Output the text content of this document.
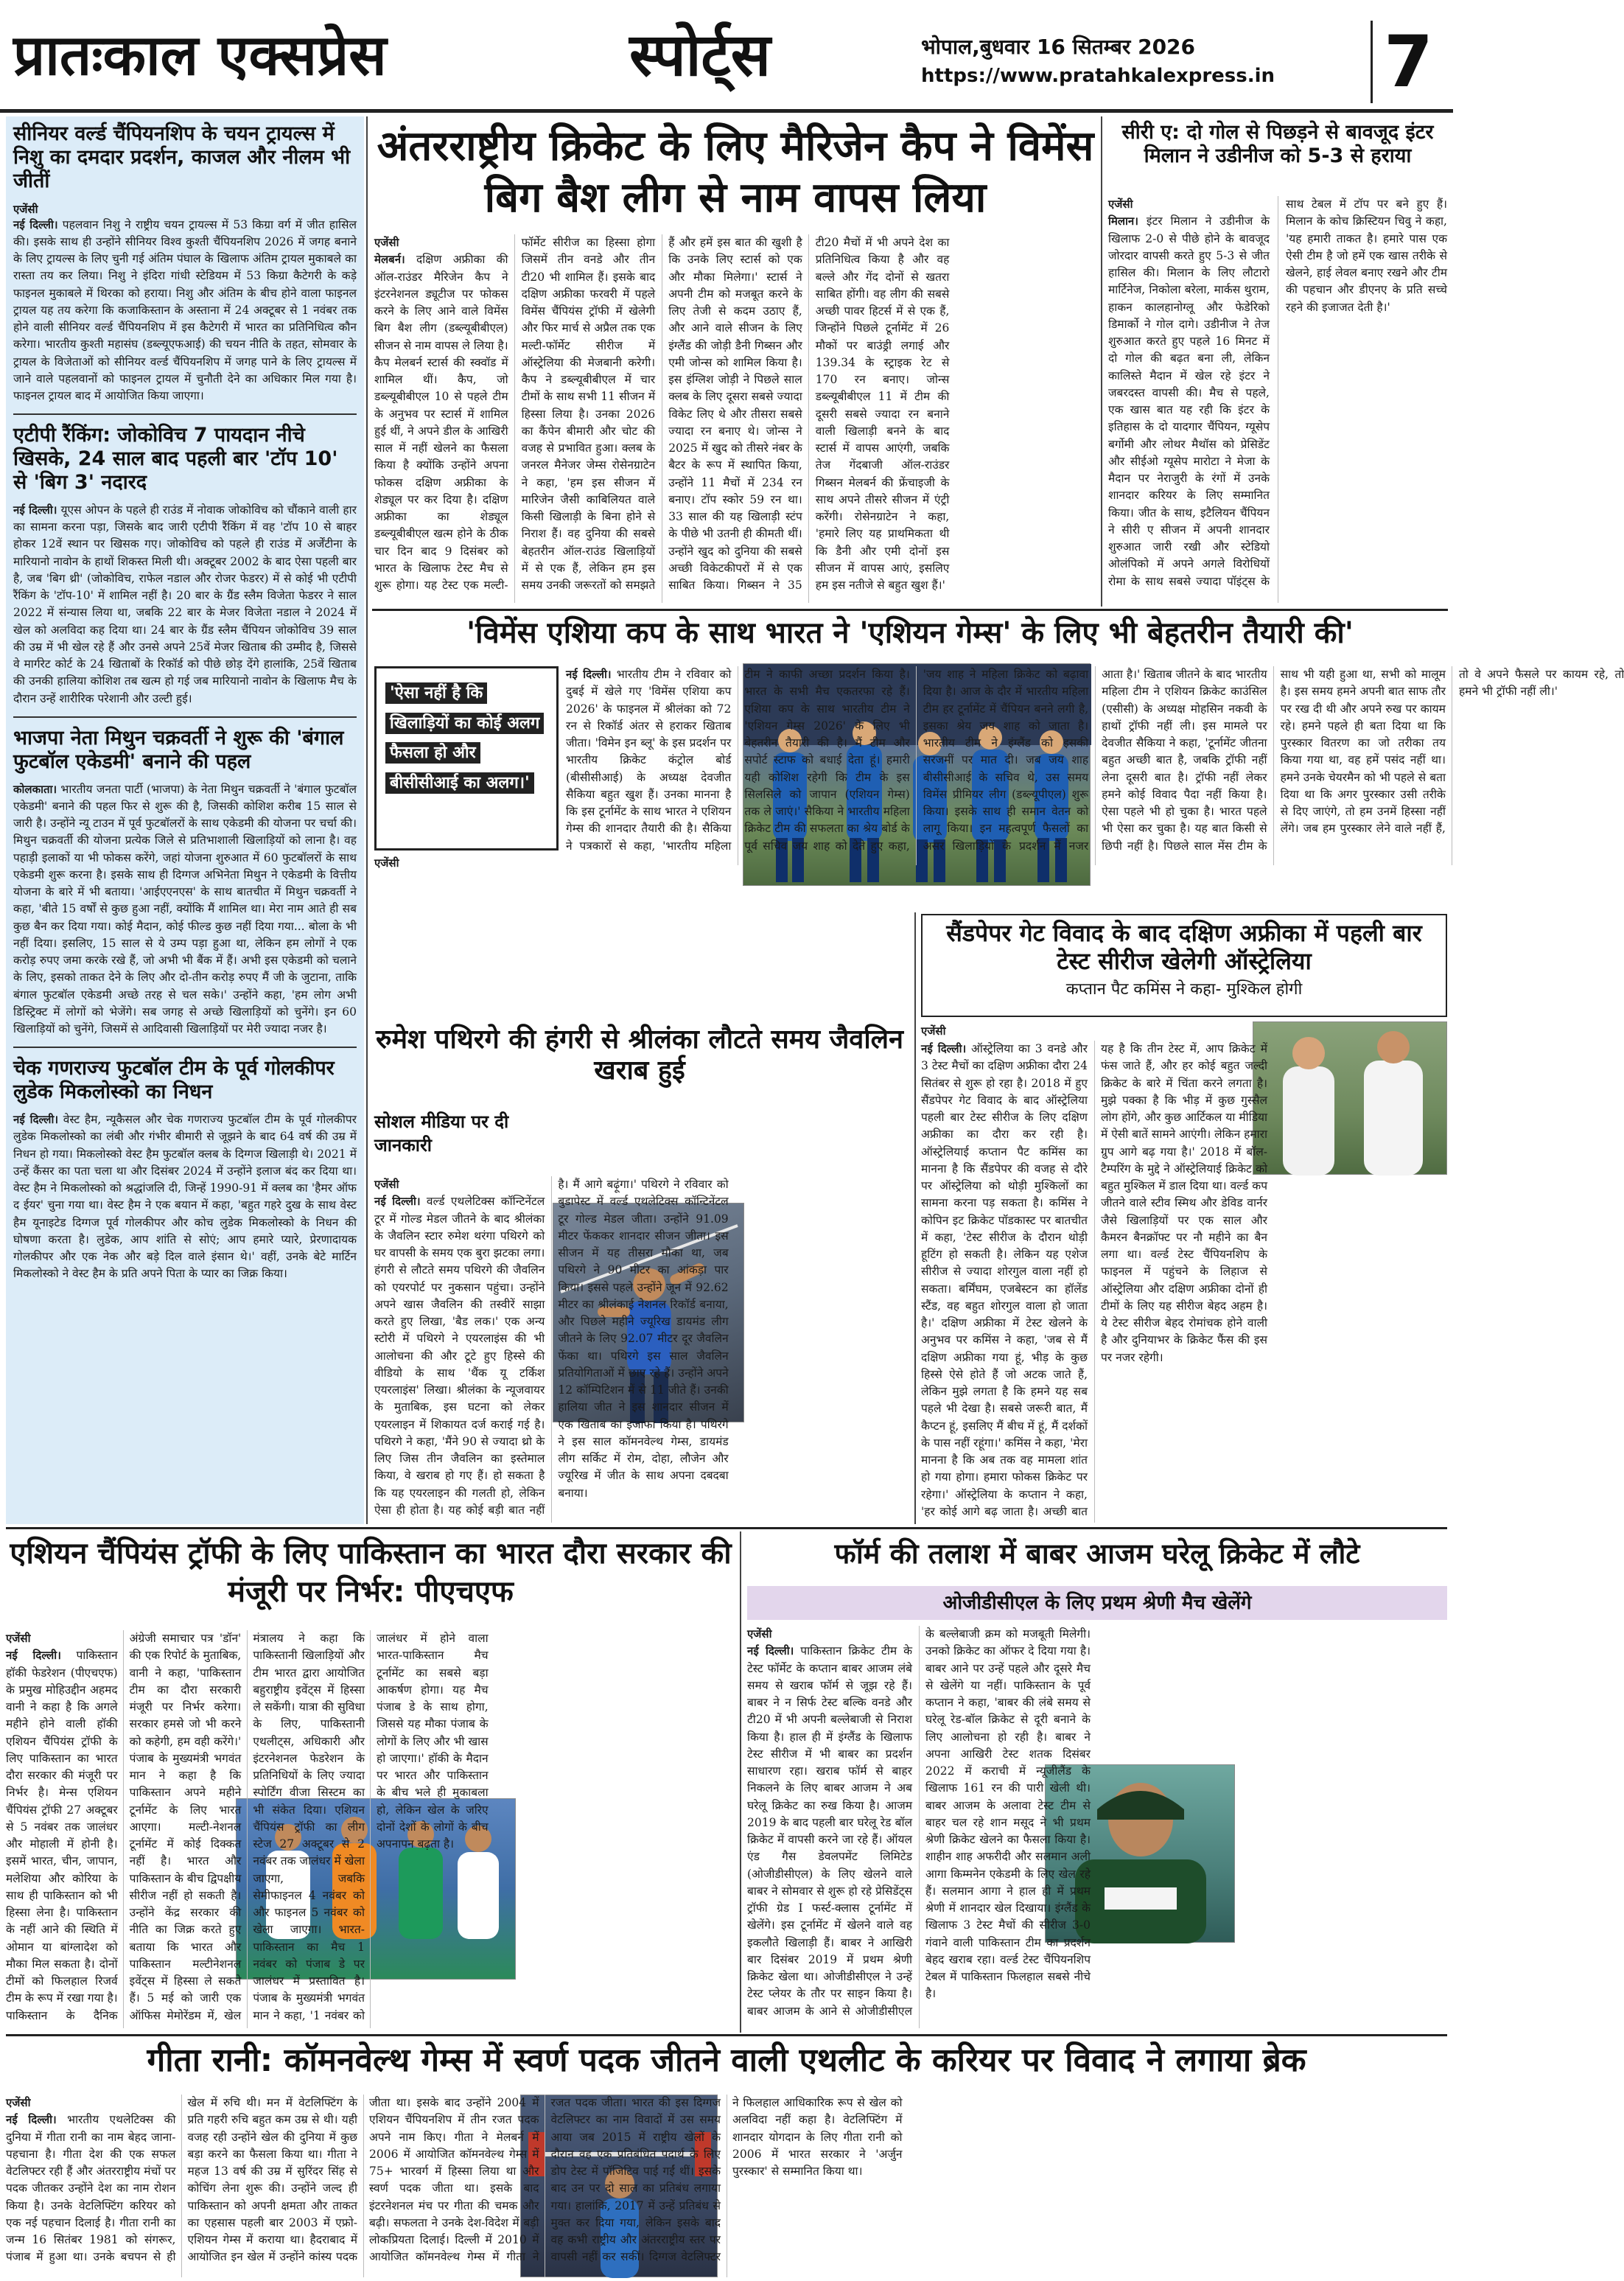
प्रातःकाल एक्सप्रेस	स्पोर्ट्स	भोपाल,बुधवार 16 सितम्बर 2026
https://www.pratahkalexpress.in	7
सीनियर वर्ल्ड चैंपियनशिप के चयन ट्रायल्स में निशु का दमदार प्रदर्शन, काजल और नीलम भी जीतीं
एजेंसी
नई दिल्ली। पहलवान निशु ने राष्ट्रीय चयन ट्रायल्स में 53 किग्रा वर्ग में जीत हासिल की। इसके साथ ही उन्होंने सीनियर विश्व कुश्ती चैंपियनशिप 2026 में जगह बनाने के लिए ट्रायल्स के लिए चुनी गई अंतिम पंघाल के खिलाफ अंतिम ट्रायल मुकाबले का रास्ता तय कर लिया। निशु ने इंदिरा गांधी स्टेडियम में 53 किग्रा कैटेगरी के कड़े फाइनल मुकाबले में थिरका को हराया। निशु और अंतिम के बीच होने वाला फाइनल ट्रायल यह तय करेगा कि कजाकिस्तान के अस्ताना में 24 अक्टूबर से 1 नवंबर तक होने वाली सीनियर वर्ल्ड चैंपियनशिप में इस कैटेगरी में भारत का प्रतिनिधित्व कौन करेगा। भारतीय कुश्ती महासंघ (डब्ल्यूएफआई) की चयन नीति के तहत, सोमवार के ट्रायल के विजेताओं को सीनियर वर्ल्ड चैंपियनशिप में जगह पाने के लिए ट्रायल्स में जाने वाले पहलवानों को फाइनल ट्रायल में चुनौती देने का अधिकार मिल गया है। फाइनल ट्रायल बाद में आयोजित किया जाएगा।
एटीपी रैंकिंग: जोकोविच 7 पायदान नीचे खिसके, 24 साल बाद पहली बार 'टॉप 10' से 'बिग 3' नदारद
नई दिल्ली। यूएस ओपन के पहले ही राउंड में नोवाक जोकोविच को चौंकाने वाली हार का सामना करना पड़ा, जिसके बाद जारी एटीपी रैंकिंग में वह 'टॉप 10 से बाहर होकर 12वें स्थान पर खिसक गए। जोकोविच को पहले ही राउंड में अर्जेंटीना के मारियानो नावोन के हाथों शिकस्त मिली थी। अक्टूबर 2002 के बाद ऐसा पहली बार है, जब 'बिग थ्री' (जोकोविच, राफेल नडाल और रोजर फेडरर) में से कोई भी एटीपी रैंकिंग के 'टॉप-10' में शामिल नहीं है। 20 बार के ग्रैंड स्लैम विजेता फेडरर ने साल 2022 में संन्यास लिया था, जबकि 22 बार के मेजर विजेता नडाल ने 2024 में खेल को अलविदा कह दिया था। 24 बार के ग्रैंड स्लैम चैंपियन जोकोविच 39 साल की उम्र में भी खेल रहे हैं और उनसे अपने 25वें मेजर खिताब की उम्मीद है, जिससे वे मार्गरेट कोर्ट के 24 खिताबों के रिकॉर्ड को पीछे छोड़ देंगे हालांकि, 25वें खिताब की उनकी हालिया कोशिश तब खत्म हो गई जब मारियानो नावोन के खिलाफ मैच के दौरान उन्हें शारीरिक परेशानी और उल्टी हुई।
भाजपा नेता मिथुन चक्रवर्ती ने शुरू की 'बंगाल फुटबॉल एकेडमी' बनाने की पहल
कोलकाता। भारतीय जनता पार्टी (भाजपा) के नेता मिथुन चक्रवर्ती ने 'बंगाल फुटबॉल एकेडमी' बनाने की पहल फिर से शुरू की है, जिसकी कोशिश करीब 15 साल से जारी है। उन्होंने न्यू टाउन में पूर्व फुटबॉलरों के साथ एकेडमी की योजना पर चर्चा की। मिथुन चक्रवर्ती की योजना प्रत्येक जिले से प्रतिभाशाली खिलाड़ियों को लाना है। वह पहाड़ी इलाकों या भी फोकस करेंगे, जहां योजना शुरुआत में 60 फुटबॉलरों के साथ एकेडमी शुरू करना है। इसके साथ ही दिग्गज अभिनेता मिथुन ने एकेडमी के वित्तीय योजना के बारे में भी बताया। 'आईएएनएस' के साथ बातचीत में मिथुन चक्रवर्ती ने कहा, 'बीते 15 वर्षों से कुछ हुआ नहीं, क्योंकि मैं शामिल था। मेरा नाम आते ही सब कुछ बैन कर दिया गया। कोई मैदान, कोई फील्ड कुछ नहीं दिया गया... बोला के भी नहीं दिया। इसलिए, 15 साल से ये उम्प पड़ा हुआ था, लेकिन हम लोगों ने एक करोड़ रुपए जमा करके रखे हैं, जो अभी भी बैंक में हैं। अभी इस एकेडमी को चलाने के लिए, इसको ताकत देने के लिए और दो-तीन करोड़ रुपए मैं जी के जुटाना, ताकि बंगाल फुटबॉल एकेडमी अच्छे तरह से चल सके।' उन्होंने कहा, 'हम लोग अभी डिस्ट्रिक्ट में लोगों को भेजेंगे। सब जगह से अच्छे खिलाड़ियों को चुनेंगे। इन 60 खिलाड़ियों को चुनेंगे, जिसमें से आदिवासी खिलाड़ियों पर मेरी ज्यादा नजर है।
चेक गणराज्य फुटबॉल टीम के पूर्व गोलकीपर लुडेक मिकलोस्को का निधन
नई दिल्ली। वेस्ट हैम, न्यूकैसल और चेक गणराज्य फुटबॉल टीम के पूर्व गोलकीपर लुडेक मिकलोस्को का लंबी और गंभीर बीमारी से जूझने के बाद 64 वर्ष की उम्र में निधन हो गया। मिकलोस्को वेस्ट हैम फुटबॉल क्लब के दिग्गज खिलाड़ी थे। 2021 में उन्हें कैंसर का पता चला था और दिसंबर 2024 में उन्होंने इलाज बंद कर दिया था। वेस्ट हैम ने मिकलोस्को को श्रद्धांजलि दी, जिन्हें 1990-91 में क्लब का 'हैमर ऑफ द ईयर' चुना गया था। वेस्ट हैम ने एक बयान में कहा, 'बहुत गहरे दुख के साथ वेस्ट हैम यूनाइटेड दिग्गज पूर्व गोलकीपर और कोच लुडेक मिकलोस्को के निधन की घोषणा करता है। लुडेक, आप शांति से सोएं; आप हमारे प्यारे, प्रेरणादायक गोलकीपर और एक नेक और बड़े दिल वाले इंसान थे।' वहीं, उनके बेटे मार्टिन मिकलोस्को ने वेस्ट हैम के प्रति अपने पिता के प्यार का जिक्र किया।
अंतरराष्ट्रीय क्रिकेट के लिए मैरिजेन कैप ने विमेंस बिग बैश लीग से नाम वापस लिया
एजेंसी
मेलबर्न। दक्षिण अफ्रीका की ऑल-राउंडर मैरिजेन कैप ने इंटरनेशनल ड्यूटीज पर फोकस करने के लिए आने वाले विमेंस बिग बैश लीग (डब्ल्यूबीबीएल) सीजन से नाम वापस ले लिया है। कैप मेलबर्न स्टार्स की स्क्वॉड में शामिल थीं। कैप, जो डब्ल्यूबीबीएल 10 से पहले टीम के अनुभव पर स्टार्स में शामिल हुई थीं, ने अपने डील के आखिरी साल में नहीं खेलने का फैसला किया है क्योंकि उन्होंने अपना फोकस दक्षिण अफ्रीका के शेड्यूल पर कर दिया है। दक्षिण अफ्रीका का शेड्यूल डब्ल्यूबीबीएल खत्म होने के ठीक चार दिन बाद 9 दिसंबर को भारत के खिलाफ टेस्ट मैच से शुरू होगा। यह टेस्ट एक मल्टी-फॉर्मेट सीरीज का हिस्सा होगा जिसमें तीन वनडे और तीन टी20 भी शामिल हैं। इसके बाद दक्षिण अफ्रीका फरवरी में पहले विमेंस चैंपियंस ट्रॉफी में खेलेगी और फिर मार्च से अप्रैल तक एक मल्टी-फॉर्मेट सीरीज में ऑस्ट्रेलिया की मेजबानी करेगी। कैप ने डब्ल्यूबीबीएल में चार टीमों के साथ सभी 11 सीजन में हिस्सा लिया है। उनका 2026 का कैंपेन बीमारी और चोट की वजह से प्रभावित हुआ। क्लब के जनरल मैनेजर जेम्स रोसेनग्राटेन ने कहा, 'हम इस सीजन में मारिजेन जैसी काबिलियत वाले किसी खिलाड़ी के बिना होने से निराश हैं। वह दुनिया की सबसे बेहतरीन ऑल-राउंड खिलाड़ियों में से एक हैं, लेकिन हम इस समय उनकी जरूरतों को समझते हैं और हमें इस बात की खुशी है कि उनके लिए स्टार्स को एक और मौका मिलेगा।' स्टार्स ने अपनी टीम को मजबूत करने के लिए तेजी से कदम उठाए हैं, और आने वाले सीजन के लिए इंग्लैंड की जोड़ी डैनी गिब्सन और एमी जोन्स को शामिल किया है। इस इंग्लिश जोड़ी ने पिछले साल क्लब के लिए दूसरा सबसे ज्यादा विकेट लिए थे और तीसरा सबसे ज्यादा रन बनाए थे। जोन्स ने 2025 में खुद को तीसरे नंबर के बैटर के रूप में स्थापित किया, उन्होंने 11 मैचों में 234 रन बनाए। टॉप स्कोर 59 रन था। 33 साल की यह खिलाड़ी स्टंप के पीछे भी उतनी ही कीमती थीं। उन्होंने खुद को दुनिया की सबसे अच्छी विकेटकीपरों में से एक साबित किया। गिब्सन ने 35 टी20 मैचों में भी अपने देश का प्रतिनिधित्व किया है और वह बल्ले और गेंद दोनों से खतरा साबित होंगी। वह लीग की सबसे अच्छी पावर हिटर्स में से एक हैं, जिन्होंने पिछले टूर्नामेंट में 26 मौकों पर बाउंड्री लगाई और 139.34 के स्ट्राइक रेट से 170 रन बनाए। जोन्स डब्ल्यूबीबीएल 11 में टीम की दूसरी सबसे ज्यादा रन बनाने वाली खिलाड़ी बनने के बाद स्टार्स में वापस आएंगी, जबकि तेज गेंदबाजी ऑल-राउंडर गिब्सन मेलबर्न की फ्रेंचाइजी के साथ अपने तीसरे सीजन में एंट्री करेंगी। रोसेनग्राटेन ने कहा, 'हमारे लिए यह प्राथमिकता थी कि डैनी और एमी दोनों इस सीजन में वापस आएं, इसलिए हम इस नतीजे से बहुत खुश हैं।'
सीरी ए: दो गोल से पिछड़ने से बावजूद इंटर मिलान ने उडीनीज को 5-3 से हराया
एजेंसी
मिलान। इंटर मिलान ने उडीनीज के खिलाफ 2-0 से पीछे होने के बावजूद जोरदार वापसी करते हुए 5-3 से जीत हासिल की। मिलान के लिए लौटारो मार्टिनेज, निकोला बरेला, मार्कस थुराम, हाकन कालहानोग्लू और फेडेरिको डिमार्को ने गोल दागे। उडीनीज ने तेज शुरुआत करते हुए पहले 16 मिनट में दो गोल की बढ़त बना ली, लेकिन कालिस्ते मैदान में खेल रहे इंटर ने जबरदस्त वापसी की। मैच से पहले, एक खास बात यह रही कि इंटर के इतिहास के दो यादगार चैंपियन, ग्यूसेप बर्गोमी और लोथर मैथॉस को प्रेसिडेंट और सीईओ ग्यूसेप मारोटा ने मेजा के मैदान पर नेराजुरी के रंगों में उनके शानदार करियर के लिए सम्मानित किया। जीत के साथ, इटैलियन चैंपियन ने सीरी ए सीजन में अपनी शानदार शुरुआत जारी रखी और स्टेडियो ओलंपिको में अपने अगले विरोधियों रोमा के साथ सबसे ज्यादा पॉइंट्स के साथ टेबल में टॉप पर बने हुए हैं। मिलान के कोच क्रिस्टियन चिवु ने कहा, 'यह हमारी ताकत है। हमारे पास एक ऐसी टीम है जो हमें एक खास तरीके से खेलने, हाई लेवल बनाए रखने और टीम की पहचान और डीएनए के प्रति सच्चे रहने की इजाजत देती है।'
'विमेंस एशिया कप के साथ भारत ने 'एशियन गेम्स' के लिए भी बेहतरीन तैयारी की'
'ऐसा नहीं है कि खिलाड़ियों का कोई अलग फैसला हो और बीसीसीआई का अलग।'
एजेंसी
नई दिल्ली। भारतीय टीम ने रविवार को दुबई में खेले गए 'विमेंस एशिया कप 2026' के फाइनल में श्रीलंका को 72 रन से रिकॉर्ड अंतर से हराकर खिताब जीता। 'विमेन इन ब्लू' के इस प्रदर्शन पर भारतीय क्रिकेट कंट्रोल बोर्ड (बीसीसीआई) के अध्यक्ष देवजीत सैकिया बहुत खुश हैं। उनका मानना है कि इस टूर्नामेंट के साथ भारत ने एशियन गेम्स की शानदार तैयारी की है। सैकिया ने पत्रकारों से कहा, 'भारतीय महिला टीम ने काफी अच्छा प्रदर्शन किया है। भारत के सभी मैच एकतरफा रहे हैं। एशिया कप के साथ भारतीय टीम ने 'एशियन गेम्स 2026' के लिए भी बेहतरीन तैयारी की है। मैं टीम और सपोर्ट स्टाफ को बधाई देता हूं। हमारी यही कोशिश रहेगी कि टीम के इस सिलसिले को जापान (एशियन गेम्स) तक ले जाएं।' सैकिया ने भारतीय महिला क्रिकेट टीम की सफलता का श्रेय बोर्ड के पूर्व सचिव जय शाह को देते हुए कहा, 'जय शाह ने महिला क्रिकेट को बढ़ावा दिया है। आज के दौर में भारतीय महिला टीम हर टूर्नामेंट में चैंपियन बनने लगी है, इसका श्रेय जय शाह को जाता है। भारतीय टीम ने इंग्लैंड को इसकी सरजमीं पर मात दी। जब जय शाह बीसीसीआई के सचिव थे, उस समय विमेंस प्रीमियर लीग (डब्ल्यूपीएल) शुरू किया। इसके साथ ही समान वेतन को लागू किया। इन महत्वपूर्ण फैसलों का असर खिलाड़ियों के प्रदर्शन में नजर आता है।' खिताब जीतने के बाद भारतीय महिला टीम ने एशियन क्रिकेट काउंसिल (एसीसी) के अध्यक्ष मोहसिन नकवी के हाथों ट्रॉफी नहीं ली। इस मामले पर देवजीत सैकिया ने कहा, 'टूर्नामेंट जीतना बहुत अच्छी बात है, जबकि ट्रॉफी नहीं लेना दूसरी बात है। ट्रॉफी नहीं लेकर हमने कोई विवाद पैदा नहीं किया है। ऐसा पहले भी हो चुका है। भारत पहले भी ऐसा कर चुका है। यह बात किसी से छिपी नहीं है। पिछले साल मेंस टीम के साथ भी यही हुआ था, सभी को मालूम है। इस समय हमने अपनी बात साफ तौर पर रख दी थी और अपने रुख पर कायम रहे। हमने पहले ही बता दिया था कि पुरस्कार वितरण का जो तरीका तय किया गया था, वह हमें पसंद नहीं था। हमने उनके चेयरमैन को भी पहले से बता दिया था कि अगर पुरस्कार उसी तरीके से दिए जाएंगे, तो हम उनमें हिस्सा नहीं लेंगे। जब हम पुरस्कार लेने वाले नहीं हैं, तो वे अपने फैसले पर कायम रहे, तो हमने भी ट्रॉफी नहीं ली।'
रुमेश पथिरगे की हंगरी से श्रीलंका लौटते समय जैवलिन खराब हुई
सोशल मीडिया पर दी जानकारी
एजेंसी
नई दिल्ली। वर्ल्ड एथलेटिक्स कॉन्टिनेंटल टूर में गोल्ड मेडल जीतने के बाद श्रीलंका के जैवलिन स्टार रुमेश थरंगा पथिरगे को घर वापसी के समय एक बुरा झटका लगा। हंगरी से लौटते समय पथिरगे की जैवलिन को एयरपोर्ट पर नुकसान पहुंचा। उन्होंने अपने खास जैवलिन की तस्वीरें साझा करते हुए लिखा, 'बैड लक।' एक अन्य स्टोरी में पथिरगे ने एयरलाइंस की भी आलोचना की और टूटे हुए हिस्से की वीडियो के साथ 'थैंक यू टर्किश एयरलाइंस' लिखा। श्रीलंका के न्यूजवायर के मुताबिक, इस घटना को लेकर एयरलाइन में शिकायत दर्ज कराई गई है। पथिरगे ने कहा, 'मैंने 90 से ज्यादा थ्रो के लिए जिस तीन जैवलिन का इस्तेमाल किया, वे खराब हो गए हैं। हो सकता है कि यह एयरलाइन की गलती हो, लेकिन ऐसा ही होता है। यह कोई बड़ी बात नहीं है। मैं आगे बढ़ूंगा।' पथिरगे ने रविवार को बुडापेस्ट में वर्ल्ड एथलेटिक्स कॉन्टिनेंटल टूर गोल्ड मेडल जीता। उन्होंने 91.09 मीटर फेंककर शानदार सीजन जीता। इस सीजन में यह तीसरा मौका था, जब पथिरगे ने 90 मीटर का आंकड़ा पार किया। इससे पहले उन्होंने जून में 92.62 मीटर का श्रीलंकाई नेशनल रिकॉर्ड बनाया, और पिछले महीने ज्यूरिख डायमंड लीग जीतने के लिए 92.07 मीटर दूर जैवलिन फेंका था। पथिरगे इस साल जैवलिन प्रतियोगिताओं में छाए रहे हैं। उन्होंने अपने 12 कॉम्पिटिशन में से 11 जीते हैं। उनकी हालिया जीत ने इस शानदार सीजन में एक खिताब का इजाफा किया है। पथिरगे ने इस साल कॉमनवेल्थ गेम्स, डायमंड लीग सर्किट में रोम, दोहा, लौजेन और ज्यूरिख में जीत के साथ अपना दबदबा बनाया।
सैंडपेपर गेट विवाद के बाद दक्षिण अफ्रीका में पहली बार टेस्ट सीरीज खेलेगी ऑस्ट्रेलिया
कप्तान पैट कमिंस ने कहा- मुश्किल होगी
एजेंसी
नई दिल्ली। ऑस्ट्रेलिया का 3 वनडे और 3 टेस्ट मैचों का दक्षिण अफ्रीका दौरा 24 सितंबर से शुरू हो रहा है। 2018 में हुए सैंडपेपर गेट विवाद के बाद ऑस्ट्रेलिया पहली बार टेस्ट सीरीज के लिए दक्षिण अफ्रीका का दौरा कर रही है। ऑस्ट्रेलियाई कप्तान पैट कमिंस का मानना है कि सैंडपेपर की वजह से दौरे पर ऑस्ट्रेलिया को थोड़ी मुश्किलों का सामना करना पड़ सकता है। कमिंस ने कोपिन इट क्रिकेट पॉडकास्ट पर बातचीत में कहा, 'टेस्ट सीरीज के दौरान थोड़ी हूटिंग हो सकती है। लेकिन यह एशेज सीरीज से ज्यादा शोरगुल वाला नहीं हो सकता। बर्मिंघम, एजबेस्टन का हॉलेंड स्टैंड, वह बहुत शोरगुल वाला हो जाता है।' दक्षिण अफ्रीका में टेस्ट खेलने के अनुभव पर कमिंस ने कहा, 'जब से मैं दक्षिण अफ्रीका गया हूं, भीड़ के कुछ हिस्से ऐसे होते हैं जो अटक जाते हैं, लेकिन मुझे लगता है कि हमने यह सब पहले भी देखा है। सबसे जरूरी बात, मैं कैप्टन हूं, इसलिए मैं बीच में हूं, मैं दर्शकों के पास नहीं रहूंगा।' कमिंस ने कहा, 'मेरा मानना है कि अब तक वह मामला शांत हो गया होगा। हमारा फोकस क्रिकेट पर रहेगा।' ऑस्ट्रेलिया के कप्तान ने कहा, 'हर कोई आगे बढ़ जाता है। अच्छी बात यह है कि तीन टेस्ट में, आप क्रिकेट में फंस जाते हैं, और हर कोई बहुत जल्दी क्रिकेट के बारे में चिंता करने लगता है। मुझे पक्का है कि भीड़ में कुछ गुस्सैल लोग होंगे, और कुछ आर्टिकल या मीडिया में ऐसी बातें सामने आएंगी। लेकिन हमारा ग्रुप आगे बढ़ गया है।' 2018 में बॉल-टैम्परिंग के मुद्दे ने ऑस्ट्रेलियाई क्रिकेट को बहुत मुश्किल में डाल दिया था। वर्ल्ड कप जीतने वाले स्टीव स्मिथ और डेविड वार्नर जैसे खिलाड़ियों पर एक साल और कैमरन बैनक्रॉफ्ट पर नौ महीने का बैन लगा था। वर्ल्ड टेस्ट चैंपियनशिप के फाइनल में पहुंचने के लिहाज से ऑस्ट्रेलिया और दक्षिण अफ्रीका दोनों ही टीमों के लिए यह सीरीज बेहद अहम है। ये टेस्ट सीरीज बेहद रोमांचक होने वाली है और दुनियाभर के क्रिकेट फैंस की इस पर नजर रहेगी।
एशियन चैंपियंस ट्रॉफी के लिए पाकिस्तान का भारत दौरा सरकार की मंजूरी पर निर्भर: पीएचएफ
एजेंसी
नई दिल्ली। पाकिस्तान हॉकी फेडरेशन (पीएचएफ) के प्रमुख मोहिउद्दीन अहमद वानी ने कहा है कि अगले महीने होने वाली हॉकी एशियन चैंपियंस ट्रॉफी के लिए पाकिस्तान का भारत दौरा सरकार की मंजूरी पर निर्भर है। मेन्स एशियन चैंपियंस ट्रॉफी 27 अक्टूबर से 5 नवंबर तक जालंधर और मोहाली में होनी है। इसमें भारत, चीन, जापान, मलेशिया और कोरिया के साथ ही पाकिस्तान को भी हिस्सा लेना है। पाकिस्तान के नहीं आने की स्थिति में ओमान या बांग्लादेश को मौका मिल सकता है। दोनों टीमों को फिलहाल रिजर्व टीम के रूप में रखा गया है। पाकिस्तान के दैनिक अंग्रेजी समाचार पत्र 'डॉन' की एक रिपोर्ट के मुताबिक, वानी ने कहा, 'पाकिस्तान टीम का दौरा सरकारी मंजूरी पर निर्भर करेगा। सरकार हमसे जो भी करने को कहेगी, हम वही करेंगे।' पंजाब के मुख्यमंत्री भगवंत मान ने कहा है कि पाकिस्तान अपने महीने टूर्नामेंट के लिए भारत आएगा। मल्टी-नेशनल टूर्नामेंट में कोई दिक्कत नहीं है। भारत और पाकिस्तान के बीच द्विपक्षीय सीरीज नहीं हो सकती है। उन्होंने केंद्र सरकार की नीति का जिक्र करते हुए बताया कि भारत और पाकिस्तान मल्टीनेशनल इवेंट्स में हिस्सा ले सकते हैं। 5 मई को जारी एक ऑफिस मेमोरेंडम में, खेल मंत्रालय ने कहा कि पाकिस्तानी खिलाड़ियों और टीम भारत द्वारा आयोजित बहुराष्ट्रीय इवेंट्स में हिस्सा ले सकेंगी। यात्रा की सुविधा के लिए, पाकिस्तानी एथलीट्स, अधिकारी और इंटरनेशनल फेडरेशन के प्रतिनिधियों के लिए ज्यादा स्पोर्टिंग वीजा सिस्टम का भी संकेत दिया। एशियन चैंपियंस ट्रॉफी का लीग स्टेज 27 अक्टूबर से 2 नवंबर तक जालंधर में खेला जाएगा, जबकि सेमीफाइनल 4 नवंबर को और फाइनल 5 नवंबर को खेला जाएगा। भारत-पाकिस्तान का मैच 1 नवंबर को पंजाब डे पर जालंधर में प्रस्तावित है। पंजाब के मुख्यमंत्री भगवंत मान ने कहा, '1 नवंबर को जालंधर में होने वाला भारत-पाकिस्तान मैच टूर्नामेंट का सबसे बड़ा आकर्षण होगा। यह मैच पंजाब डे के साथ होगा, जिससे यह मौका पंजाब के लोगों के लिए और भी खास हो जाएगा।' हॉकी के मैदान पर भारत और पाकिस्तान के बीच भले ही मुकाबला हो, लेकिन खेल के जरिए दोनों देशों के लोगों के बीच अपनापन बढ़ता है।
फॉर्म की तलाश में बाबर आजम घरेलू क्रिकेट में लौटे
ओजीडीसीएल के लिए प्रथम श्रेणी मैच खेलेंगे
एजेंसी
नई दिल्ली। पाकिस्तान क्रिकेट टीम के टेस्ट फॉर्मेट के कप्तान बाबर आजम लंबे समय से खराब फॉर्म से जूझ रहे हैं। बाबर ने न सिर्फ टेस्ट बल्कि वनडे और टी20 में भी अपनी बल्लेबाजी से निराश किया है। हाल ही में इंग्लैंड के खिलाफ टेस्ट सीरीज में भी बाबर का प्रदर्शन साधारण रहा। खराब फॉर्म से बाहर निकलने के लिए बाबर आजम ने अब घरेलू क्रिकेट का रुख किया है। आजम 2019 के बाद पहली बार घरेलू रेड बॉल क्रिकेट में वापसी करने जा रहे हैं। ऑयल एंड गैस डेवलपमेंट लिमिटेड (ओजीडीसीएल) के लिए खेलने वाले बाबर ने सोमवार से शुरू हो रहे प्रेसिडेंट्स ट्रॉफी ग्रेड I फर्स्ट-क्लास टूर्नामेंट में खेलेंगे। इस टूर्नामेंट में खेलने वाले वह इकलौते खिलाड़ी हैं। बाबर ने आखिरी बार दिसंबर 2019 में प्रथम श्रेणी क्रिकेट खेला था। ओजीडीसीएल ने उन्हें टेस्ट प्लेयर के तौर पर साइन किया है। बाबर आजम के आने से ओजीडीसीएल के बल्लेबाजी क्रम को मजबूती मिलेगी। उनको क्रिकेट का ऑफर दे दिया गया है। बाबर आने पर उन्हें पहले और दूसरे मैच से खेलेंगे या नहीं। पाकिस्तान के पूर्व कप्तान ने कहा, 'बाबर की लंबे समय से घरेलू रेड-बॉल क्रिकेट से दूरी बनाने के लिए आलोचना हो रही है। बाबर ने अपना आखिरी टेस्ट शतक दिसंबर 2022 में कराची में न्यूजीलैंड के खिलाफ 161 रन की पारी खेली थी। बाबर आजम के अलावा टेस्ट टीम से बाहर चल रहे शान मसूद ने भी प्रथम श्रेणी क्रिकेट खेलने का फैसला किया है। शाहीन शाह अफरीदी और सलमान अली आगा किम्मनेन एकेडमी के लिए खेल रहे हैं। सलमान आगा ने हाल ही में प्रथम श्रेणी में शानदार खेल दिखाया। इंग्लैंड के खिलाफ 3 टेस्ट मैचों की सीरीज 3-0 गंवाने वाली पाकिस्तान टीम का प्रदर्शन बेहद खराब रहा। वर्ल्ड टेस्ट चैंपियनशिप टेबल में पाकिस्तान फिलहाल सबसे नीचे है।
गीता रानी: कॉमनवेल्थ गेम्स में स्वर्ण पदक जीतने वाली एथलीट के करियर पर विवाद ने लगाया ब्रेक
एजेंसी
नई दिल्ली। भारतीय एथलेटिक्स की दुनिया में गीता रानी का नाम बेहद जाना-पहचाना है। गीता देश की एक सफल वेटलिफ्टर रही हैं और अंतरराष्ट्रीय मंचों पर पदक जीतकर उन्होंने देश का नाम रोशन किया है। उनके वेटलिफ्टिंग करियर को एक नई पहचान दिलाई है। गीता रानी का जन्म 16 सितंबर 1981 को संगरूर, पंजाब में हुआ था। उनके बचपन से ही खेल में रुचि थी। मन में वेटलिफ्टिंग के प्रति गहरी रुचि बहुत कम उम्र से थी। यही वजह रही उन्होंने खेल की दुनिया में कुछ बड़ा करने का फैसला किया था। गीता ने महज 13 वर्ष की उम्र में सुरिंदर सिंह से कोचिंग लेना शुरू की। उन्होंने जल्द ही पाकिस्तान को अपनी क्षमता और ताकत का एहसास पहली बार 2003 में एफ्रो-एशियन गेम्स में कराया था। हैदराबाद में आयोजित इन खेल में उन्होंने कांस्य पदक जीता था। इसके बाद उन्होंने 2004 में एशियन चैंपियनशिप में तीन रजत पदक अपने नाम किए। गीता ने मेलबर्न में 2006 में आयोजित कॉमनवेल्थ गेम्स में 75+ भारवर्ग में हिस्सा लिया था और स्वर्ण पदक जीता था। इसके बाद इंटरनेशनल मंच पर गीता की चमक और बढ़ी। सफलता ने उनके देश-विदेश में बड़ी लोकप्रियता दिलाई। दिल्ली में 2010 में आयोजित कॉमनवेल्थ गेम्स में गीता ने रजत पदक जीता। भारत की इस दिग्गज वेटलिफ्टर का नाम विवादों में उस समय आया जब 2015 में राष्ट्रीय खेलों के दौरान वह एक प्रतिबंधित पदार्थ के लिए डोप टेस्ट में पॉजिटिव पाई गईं थीं। इसके बाद उन पर दो साल का प्रतिबंध लगाया गया। हालांकि, 2017 में उन्हें प्रतिबंध से मुक्त कर दिया गया, लेकिन इसके बाद वह कभी राष्ट्रीय और अंतरराष्ट्रीय स्तर पर वापसी नहीं कर सकीं। दिग्गज वेटलिफ्टर ने फिलहाल आधिकारिक रूप से खेल को अलविदा नहीं कहा है। वेटलिफ्टिंग में शानदार योगदान के लिए गीता रानी को 2006 में भारत सरकार ने 'अर्जुन पुरस्कार' से सम्मानित किया था।
